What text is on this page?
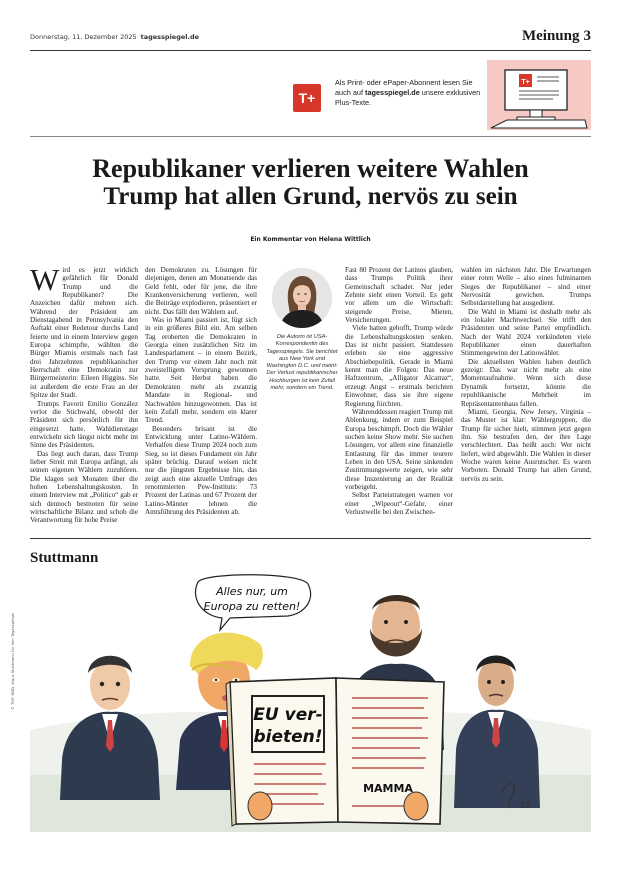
Donnerstag, 11. Dezember 2025 tagesspiegel.de	Meinung 3
T+
Als Print- oder ePaper-Abonnent lesen Sie auch auf tagesspiegel.de unsere exklusiven Plus-Texte.
T+
Republikaner verlieren weitere Wahlen
Trump hat allen Grund, nervös zu sein
Ein Kommentar von Helena Wittlich

Wird es jetzt wirklich gefährlich für Donald Trump und die Republikaner? Die Anzeichen dafür mehren sich. Während der Präsident am Dienstagabend in Pennsylvania den Auftakt einer Redetour durchs Land feierte und in einem Interview gegen Europa schimpfte, wählten die Bürger Miamis erstmals nach fast drei Jahrzehnten republikanischer Herrschaft eine Demokratin zur Bürgermeisterin: Eileen Higgins. Sie ist außerdem die erste Frau an der Spitze der Stadt.

Trumps Favorit Emilio González verlor die Stichwahl, obwohl der Präsident sich persönlich für ihn eingesetzt hatte. Wahldienstage entwickeln sich längst nicht mehr im Sinne des Präsidenten.

Das liegt auch daran, dass Trump lieber Streit mit Europa anfängt, als seinen eigenen Wählern zuzuhören. Die klagen seit Monaten über die hohen Lebenshaltungskosten. In einem Interview mit „Politico“ gab er sich dennoch bestnoten für seine wirtschaftliche Bilanz und schob die Verantwortung für hohe Preise

den Demokraten zu. Lösungen für diejenigen, denen am Monatsende das Geld fehlt, oder für jene, die ihre Krankenversicherung verlieren, weil die Beiträge explodieren, präsentiert er nicht. Das fällt den Wählern auf.

Was in Miami passiert ist, fügt sich in ein größeres Bild ein. Am selben Tag eroberten die Demokraten in Georgia einen zusätzlichen Sitz im Landesparlament – in einem Bezirk, den Trump vor einem Jahr noch mit zweistelligem Vorsprung gewonnen hatte. Seit Herbst haben die Demokraten mehr als zwanzig Mandate in Regional- und Nachwahlen hinzugewonnen. Das ist kein Zufall mehr, sondern ein klarer Trend.

Besonders brisant ist die Entwicklung unter Latino-Wählern. Verhalfen diese Trump 2024 noch zum Sieg, so ist dieses Fundament ein Jahr später brüchig. Darauf weisen nicht nur die jüngsten Ergebnisse hin, das zeigt auch eine aktuelle Umfrage des renommierten Pew-Instituts: 73 Prozent der Latinas und 67 Prozent der Latino-Männer lehnen die Amtsführung des Präsidenten ab.

Die Autorin ist USA-Korrespondentin des Tagesspiegels. Sie berichtet aus New York und Washington D.C. und meint: Der Verlust republikanischer Hochburgen ist kein Zufall mehr, sondern ein Trend.

Fast 80 Prozent der Latinos glauben, dass Trumps Politik ihrer Gemeinschaft schadet. Nur jeder Zehnte sieht einen Vorteil. Es geht vor allem um die Wirtschaft: steigende Preise, Mieten, Versicherungen.

Viele hatten gehofft, Trump würde die Lebenshaltungskosten senken. Das ist nicht passiert. Stattdessen erleben sie eine aggressive Abschiebepolitik. Gerade in Miami kennt man die Folgen: Das neue Haftzentrum, „Alligator Alcatraz“, erzeugt Angst – erstmals berichten Einwohner, dass sie ihre eigene Regierung fürchten.

Währenddessen reagiert Trump mit Ablenkung, indem er zum Beispiel Europa beschimpft. Doch die Wähler suchen keine Show mehr. Sie suchen Lösungen, vor allem eine finanzielle Entlastung für das immer teurere Leben in den USA. Seine sinkenden Zustimmungswerte zeigen, wie sehr diese Inszenierung an der Realität vorbeigeht.

Selbst Parteistrategen warnen vor einer „Wipeout“-Gefahr, einer Verlustwelle bei den Zwischen-

wahlen im nächsten Jahr. Die Erwartungen einer roten Welle – also eines fulminanten Sieges der Republikaner – sind einer Nervosität gewichen. Trumps Selbstdarstellung hat ausgedient.

Die Wahl in Miami ist deshalb mehr als ein lokaler Machtwechsel. Sie trifft den Präsidenten und seine Partei empfindlich. Nach der Wahl 2024 verkündeten viele Republikaner einen dauerhaften Stimmengewinn der Latinowähler.

Die aktuellsten Wahlen haben deutlich gezeigt: Das war nicht mehr als eine Momentaufnahme. Wenn sich diese Dynamik fortsetzt, könnte die republikanische Mehrheit im Repräsentantenhaus fallen.

Miami, Georgia, New Jersey, Virginia – das Muster ist klar: Wählergruppen, die Trump für sicher hielt, stimmen jetzt gegen ihn. Sie bestrafen den, der ihre Lage verschlechtert. Das heißt auch: Wer nicht liefert, wird abgewählt. Die Wahlen in dieser Woche waren keine Ausrutscher. Es waren Vorboten. Donald Trump hat allen Grund, nervös zu sein.

Stuttmann
Alles nur, um
Europa zu retten!
EU ver-
bieten!
MAMMA
25
© TSP/ RND, Klaus Stuttmann für den Tagesspiegel
